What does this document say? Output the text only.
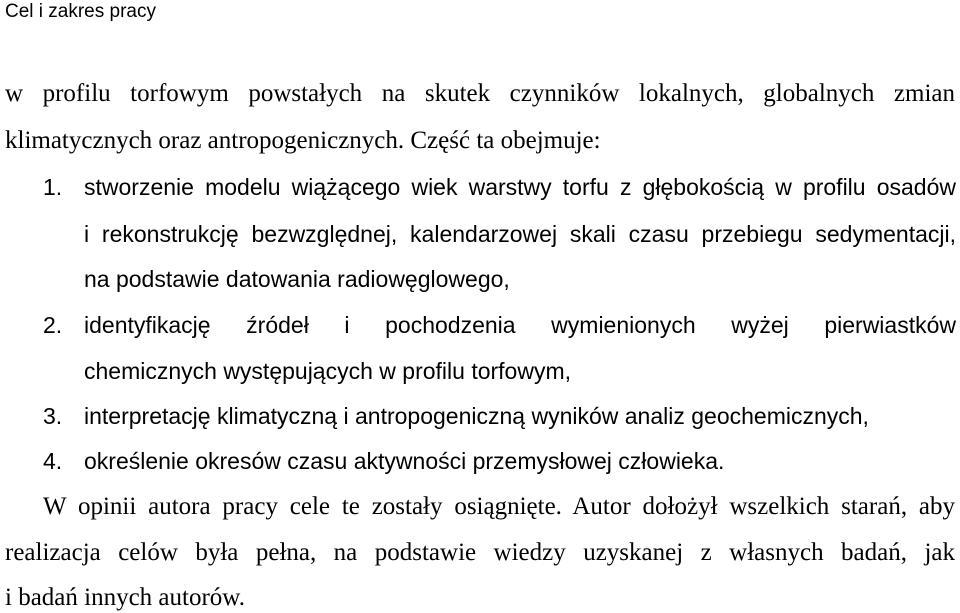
Cel i zakres pracy
w profilu torfowym powstałych na skutek czynników lokalnych, globalnych zmian
klimatycznych oraz antropogenicznych. Część ta obejmuje:
1. stworzenie modelu wiążącego wiek warstwy torfu z głębokością w profilu osadów
i rekonstrukcję bezwzględnej, kalendarzowej skali czasu przebiegu sedymentacji,
na podstawie datowania radiowęglowego,
2. identyfikację źródeł i pochodzenia wymienionych wyżej pierwiastków
chemicznych występujących w profilu torfowym,
3. interpretację klimatyczną i antropogeniczną wyników analiz geochemicznych,
4. określenie okresów czasu aktywności przemysłowej człowieka.
W opinii autora pracy cele te zostały osiągnięte. Autor dołożył wszelkich starań, aby
realizacja celów była pełna, na podstawie wiedzy uzyskanej z własnych badań, jak
i badań innych autorów.
